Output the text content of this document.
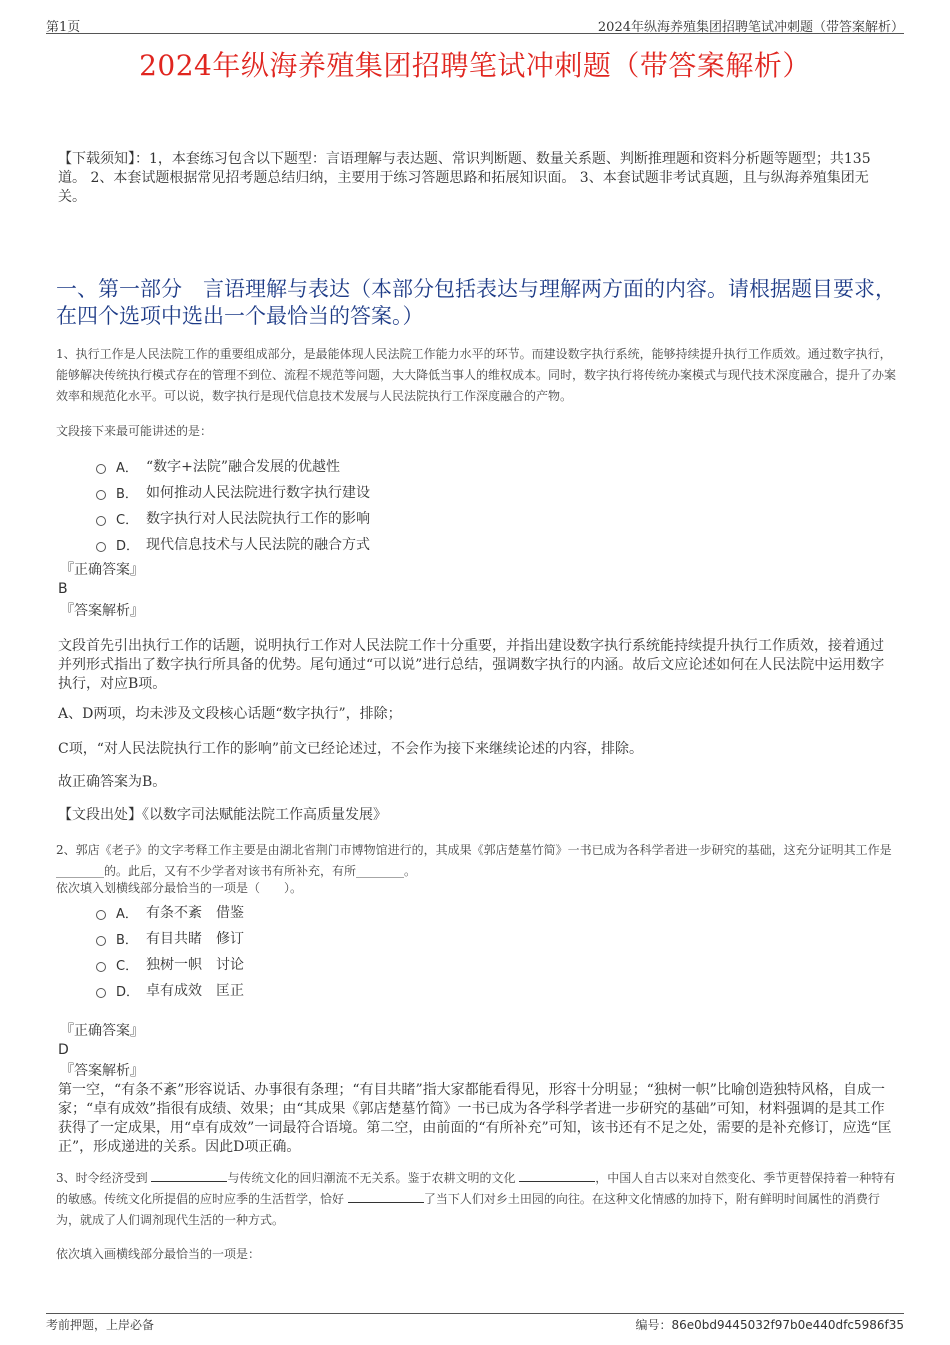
第1页	2024年纵海养殖集团招聘笔试冲刺题（带答案解析）
2024年纵海养殖集团招聘笔试冲刺题（带答案解析）
【下载须知】：1，本套练习包含以下题型：言语理解与表达题、常识判断题、数量关系题、判断推理题和资料分析题等题型；共135道。 2、本套试题根据常见招考题总结归纳，主要用于练习答题思路和拓展知识面。 3、本套试题非考试真题，且与纵海养殖集团无关。
一、第一部分　言语理解与表达（本部分包括表达与理解两方面的内容。请根据题目要求，在四个选项中选出一个最恰当的答案。）
1、执行工作是人民法院工作的重要组成部分，是最能体现人民法院工作能力水平的环节。而建设数字执行系统，能够持续提升执行工作质效。通过数字执行，能够解决传统执行模式存在的管理不到位、流程不规范等问题，大大降低当事人的维权成本。同时，数字执行将传统办案模式与现代技术深度融合，提升了办案效率和规范化水平。可以说，数字执行是现代信息技术发展与人民法院执行工作深度融合的产物。
文段接下来最可能讲述的是：
A． “数字+法院”融合发展的优越性
B． 如何推动人民法院进行数字执行建设
C． 数字执行对人民法院执行工作的影响
D． 现代信息技术与人民法院的融合方式
『正确答案』
B
『答案解析』
文段首先引出执行工作的话题，说明执行工作对人民法院工作十分重要，并指出建设数字执行系统能持续提升执行工作质效，接着通过并列形式指出了数字执行所具备的优势。尾句通过“可以说”进行总结，强调数字执行的内涵。故后文应论述如何在人民法院中运用数字执行，对应B项。
A、D两项，均未涉及文段核心话题“数字执行”，排除；
C项，“对人民法院执行工作的影响”前文已经论述过，不会作为接下来继续论述的内容，排除。
故正确答案为B。
【文段出处】《以数字司法赋能法院工作高质量发展》
2、郭店《老子》的文字考释工作主要是由湖北省荆门市博物馆进行的，其成果《郭店楚墓竹简》一书已成为各科学者进一步研究的基础，这充分证明其工作是________的。此后，又有不少学者对该书有所补充，有所________。
依次填入划横线部分最恰当的一项是（　　）。
A． 有条不紊　借鉴
B． 有目共睹　修订
C． 独树一帜　讨论
D． 卓有成效　匡正
『正确答案』
D
『答案解析』
第一空，“有条不紊”形容说话、办事很有条理；“有目共睹”指大家都能看得见，形容十分明显；“独树一帜”比喻创造独特风格，自成一家；“卓有成效”指很有成绩、效果；由“其成果《郭店楚墓竹简》一书已成为各学科学者进一步研究的基础”可知，材料强调的是其工作获得了一定成果，用“卓有成效”一词最符合语境。第二空，由前面的“有所补充”可知，该书还有不足之处，需要的是补充修订，应选“匡正”，形成递进的关系。因此D项正确。
3、时令经济受到	与传统文化的回归潮流不无关系。鉴于农耕文明的文化	，中国人自古以来对自然变化、季节更替保持着一种特有的敏感。传统文化所提倡的应时应季的生活哲学，恰好	了当下人们对乡土田园的向往。在这种文化情感的加持下，附有鲜明时间属性的消费行为，就成了人们调剂现代生活的一种方式。
依次填入画横线部分最恰当的一项是：
考前押题，上岸必备	编号：86e0bd9445032f97b0e440dfc5986f35
